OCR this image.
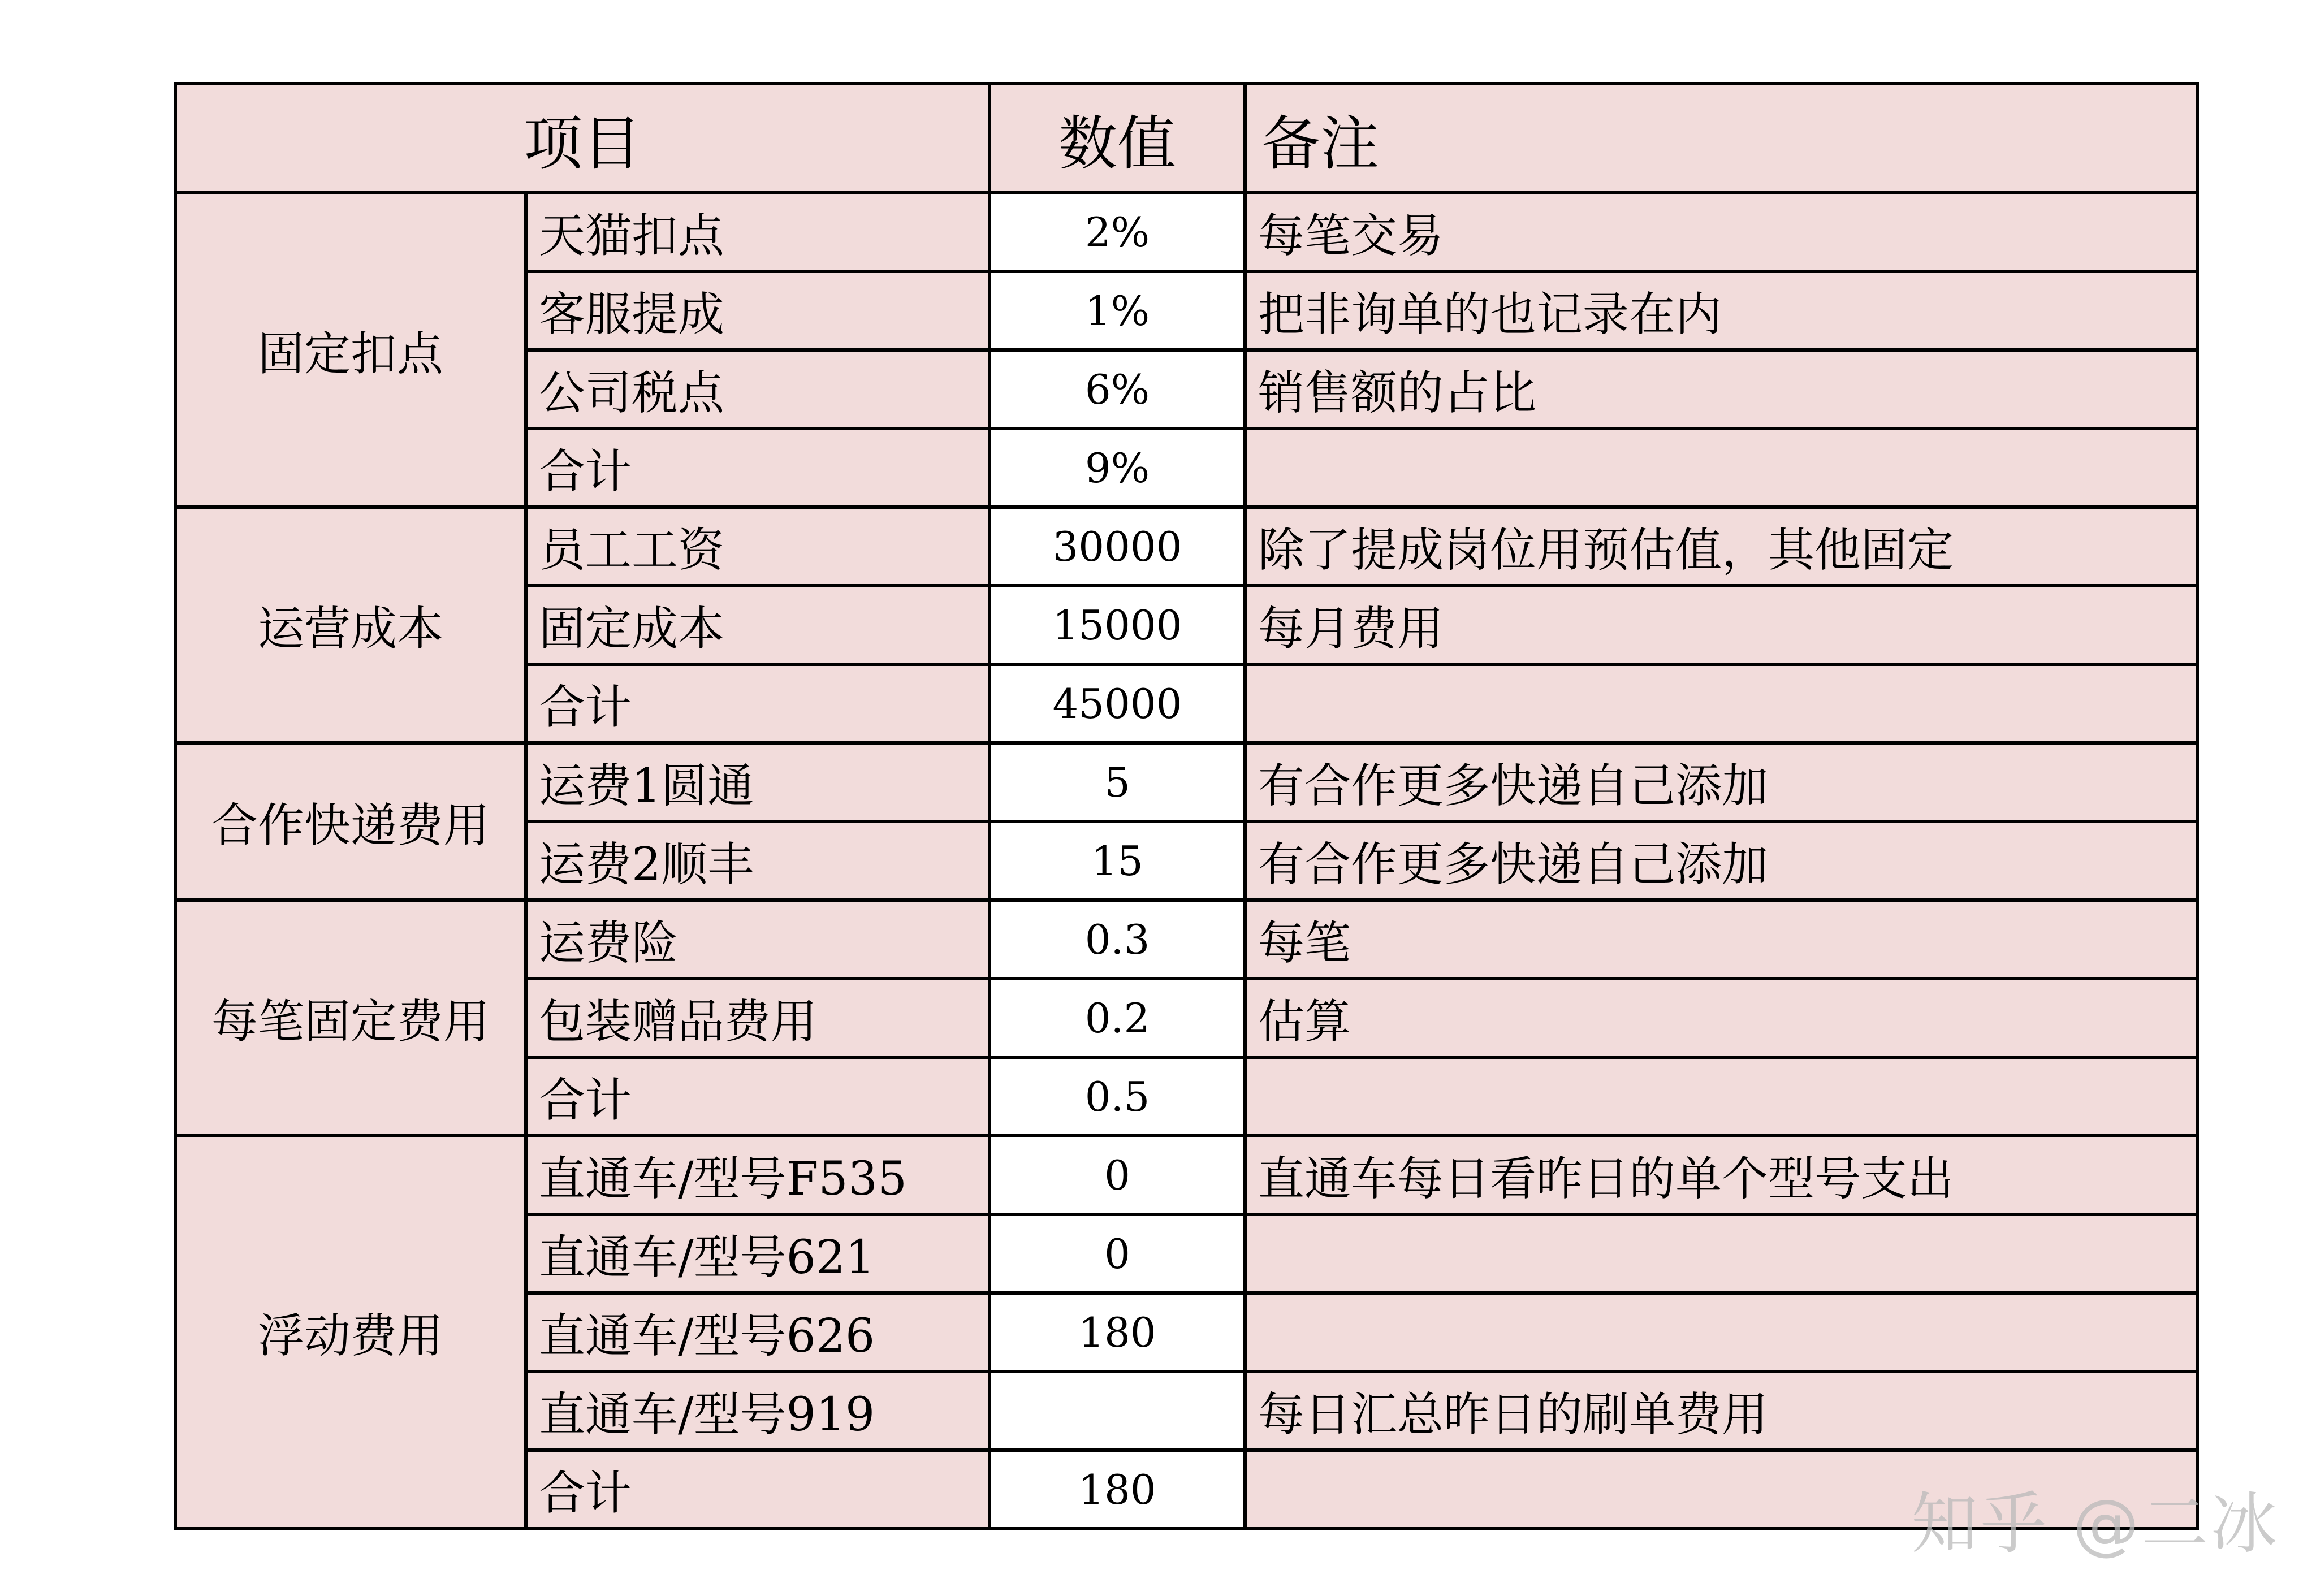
项目		数值	备注
固定扣点	天猫扣点	2%	每笔交易
	客服提成	1%	把非询单的也记录在内
	公司税点	6%	销售额的占比
	合计	9%	
运营成本	员工工资	30000	除了提成岗位用预估值，其他固定
	固定成本	15000	每月费用
	合计	45000	
合作快递费用	运费1圆通	5	有合作更多快递自己添加
	运费2顺丰	15	有合作更多快递自己添加
每笔固定费用	运费险	0.3	每笔
	包装赠品费用	0.2	估算
	合计	0.5	
浮动费用	直通车/型号F535	0	直通车每日看昨日的单个型号支出
	直通车/型号621	0	
	直通车/型号626	180	
	直通车/型号919		每日汇总昨日的刷单费用
	合计	180		知乎 @二冰
